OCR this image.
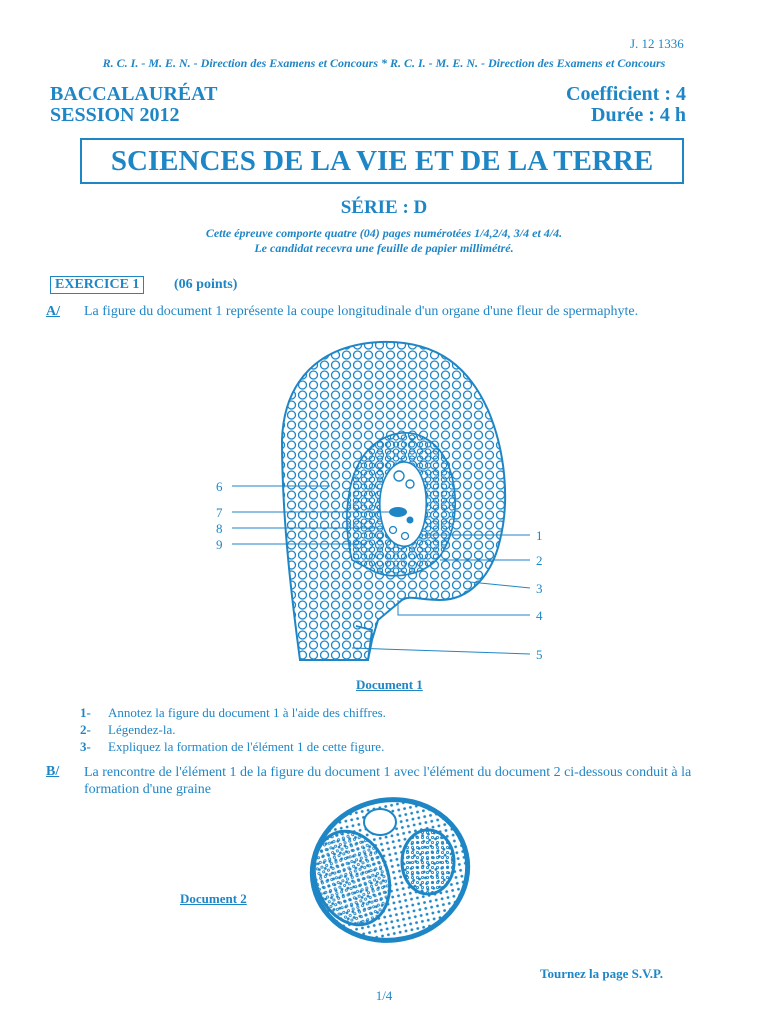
J. 12 1336
R. C. I. - M. E. N. - Direction des Examens et Concours * R. C. I. - M. E. N. - Direction des Examens et Concours
BACCALAURÉAT
SESSION 2012
Coefficient : 4
Durée : 4 h
SCIENCES DE LA VIE ET DE LA TERRE
SÉRIE : D
Cette épreuve comporte quatre (04) pages numérotées 1/4,2/4, 3/4 et 4/4.
Le candidat recevra une feuille de papier millimétré.
EXERCICE 1	(06 points)
A/ La figure du document 1 représente la coupe longitudinale d'un organe d'une fleur de spermaphyte.
6
7
8
9
1
2
3
4
5
Document 1
1- Annotez la figure du document 1 à l'aide des chiffres.
2- Légendez-la.
3- Expliquez la formation de l'élément 1 de cette figure.
B/ La rencontre de l'élément 1 de la figure du document 1 avec l'élément du document 2 ci-dessous conduit à la formation d'une graine
Document 2
Tournez la page S.V.P.
1/4
